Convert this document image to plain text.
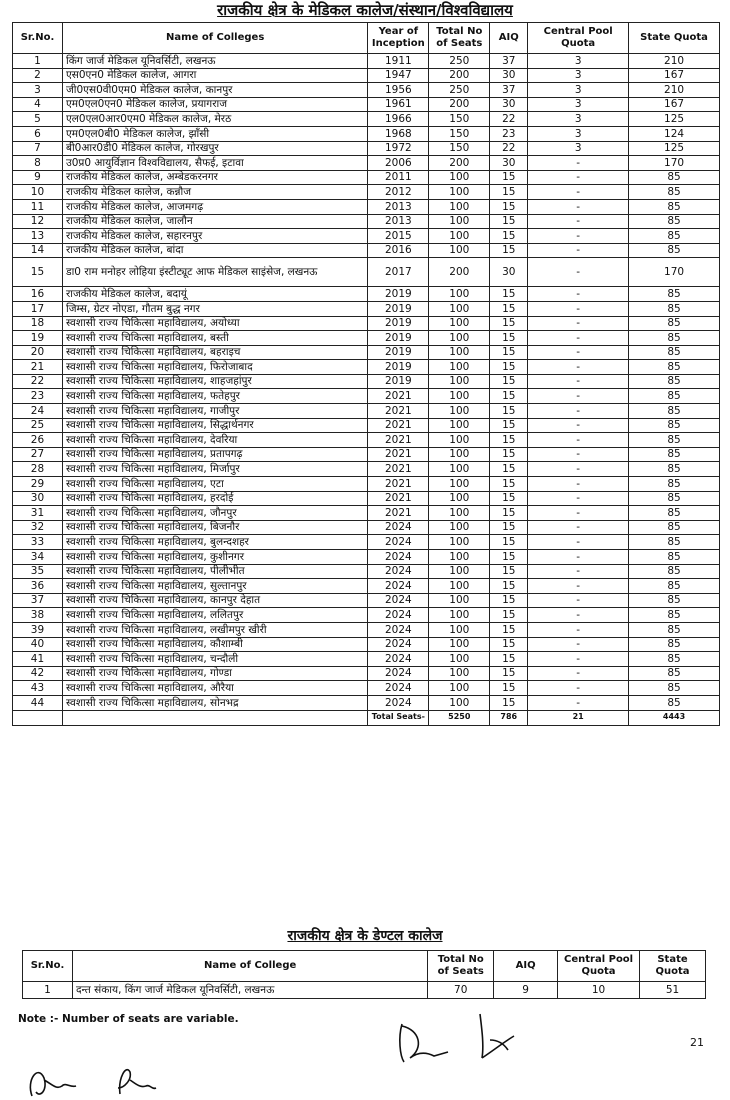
राजकीय क्षेत्र के मेडिकल कालेज/संस्थान/विश्वविद्यालय
Sr.No.	Name of Colleges	Year of Inception	Total No of Seats	AIQ	Central Pool Quota	State Quota
1	किंग जार्ज मेडिकल यूनिवर्सिटी, लखनऊ	1911	250	37	3	210
2	एस0एन0 मेडिकल कालेज, आगरा	1947	200	30	3	167
3	जी0एस0वी0एम0 मेडिकल कालेज, कानपुर	1956	250	37	3	210
4	एम0एल0एन0 मेडिकल कालेज, प्रयागराज	1961	200	30	3	167
5	एल0एल0आर0एम0 मेडिकल कालेज, मेरठ	1966	150	22	3	125
6	एम0एल0बी0 मेडिकल कालेज, झाँसी	1968	150	23	3	124
7	बी0आर0डी0 मेडिकल कालेज, गोरखपुर	1972	150	22	3	125
8	उ0प्र0 आयुर्विज्ञान विश्वविद्यालय, सैफई, इटावा	2006	200	30	-	170
9	राजकीय मेडिकल कालेज, अम्बेडकरनगर	2011	100	15	-	85
10	राजकीय मेडिकल कालेज, कन्नौज	2012	100	15	-	85
11	राजकीय मेडिकल कालेज, आजमगढ़	2013	100	15	-	85
12	राजकीय मेडिकल कालेज, जालौन	2013	100	15	-	85
13	राजकीय मेडिकल कालेज, सहारनपुर	2015	100	15	-	85
14	राजकीय मेडिकल कालेज, बांदा	2016	100	15	-	85
15	डा0 राम मनोहर लोहिया इंस्टीट्यूट आफ मेडिकल साइंसेज, लखनऊ	2017	200	30	-	170
16	राजकीय मेडिकल कालेज, बदायूं	2019	100	15	-	85
17	जिम्स, ग्रेटर नोएडा, गौतम बुद्ध नगर	2019	100	15	-	85
18	स्वशासी राज्य चिकित्सा महाविद्यालय, अयोध्या	2019	100	15	-	85
19	स्वशासी राज्य चिकित्सा महाविद्यालय, बस्ती	2019	100	15	-	85
20	स्वशासी राज्य चिकित्सा महाविद्यालय, बहराइच	2019	100	15	-	85
21	स्वशासी राज्य चिकित्सा महाविद्यालय, फिरोजाबाद	2019	100	15	-	85
22	स्वशासी राज्य चिकित्सा महाविद्यालय, शाहजहांपुर	2019	100	15	-	85
23	स्वशासी राज्य चिकित्सा महाविद्यालय, फतेहपुर	2021	100	15	-	85
24	स्वशासी राज्य चिकित्सा महाविद्यालय, गाजीपुर	2021	100	15	-	85
25	स्वशासी राज्य चिकित्सा महाविद्यालय, सिद्धार्थनगर	2021	100	15	-	85
26	स्वशासी राज्य चिकित्सा महाविद्यालय, देवरिया	2021	100	15	-	85
27	स्वशासी राज्य चिकित्सा महाविद्यालय, प्रतापगढ़	2021	100	15	-	85
28	स्वशासी राज्य चिकित्सा महाविद्यालय, मिर्जापुर	2021	100	15	-	85
29	स्वशासी राज्य चिकित्सा महाविद्यालय, एटा	2021	100	15	-	85
30	स्वशासी राज्य चिकित्सा महाविद्यालय, हरदोई	2021	100	15	-	85
31	स्वशासी राज्य चिकित्सा महाविद्यालय, जौनपुर	2021	100	15	-	85
32	स्वशासी राज्य चिकित्सा महाविद्यालय, बिजनौर	2024	100	15	-	85
33	स्वशासी राज्य चिकित्सा महाविद्यालय, बुलन्दशहर	2024	100	15	-	85
34	स्वशासी राज्य चिकित्सा महाविद्यालय, कुशीनगर	2024	100	15	-	85
35	स्वशासी राज्य चिकित्सा महाविद्यालय, पीलीभीत	2024	100	15	-	85
36	स्वशासी राज्य चिकित्सा महाविद्यालय, सुल्तानपुर	2024	100	15	-	85
37	स्वशासी राज्य चिकित्सा महाविद्यालय, कानपुर देहात	2024	100	15	-	85
38	स्वशासी राज्य चिकित्सा महाविद्यालय, ललितपुर	2024	100	15	-	85
39	स्वशासी राज्य चिकित्सा महाविद्यालय, लखीमपुर खीरी	2024	100	15	-	85
40	स्वशासी राज्य चिकित्सा महाविद्यालय, कौशाम्बी	2024	100	15	-	85
41	स्वशासी राज्य चिकित्सा महाविद्यालय, चन्दौली	2024	100	15	-	85
42	स्वशासी राज्य चिकित्सा महाविद्यालय, गोण्डा	2024	100	15	-	85
43	स्वशासी राज्य चिकित्सा महाविद्यालय, औरैया	2024	100	15	-	85
44	स्वशासी राज्य चिकित्सा महाविद्यालय, सोनभद्र	2024	100	15	-	85
		Total Seats-	5250	786	21	4443
राजकीय क्षेत्र के डेण्टल कालेज
Sr.No.	Name of College	Total No of Seats	AIQ	Central Pool Quota	State Quota
1	दन्त संकाय, किंग जार्ज मेडिकल यूनिवर्सिटी, लखनऊ	70	9	10	51
Note :- Number of seats are variable.
21
